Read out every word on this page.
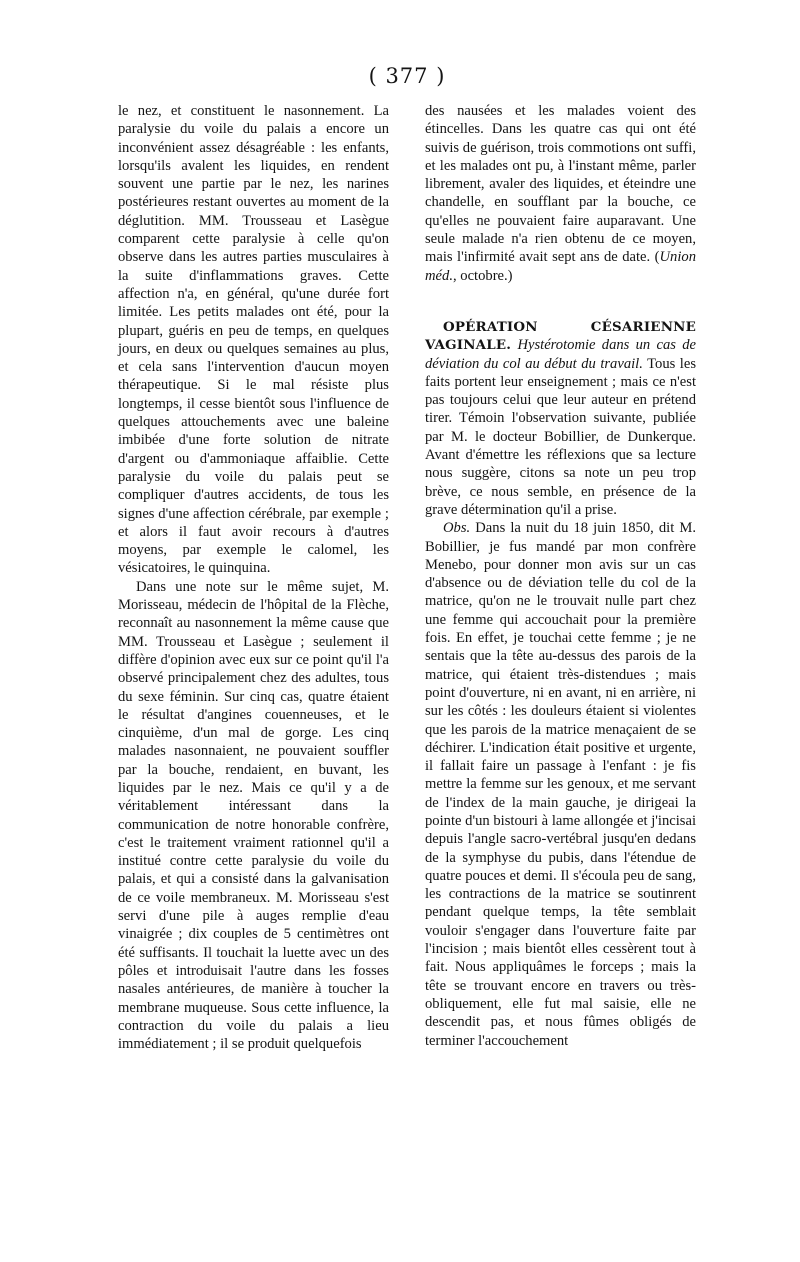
( 377 )

le nez, et constituent le nasonnement. La paralysie du voile du palais a encore un inconvénient assez désagréable : les enfants, lorsqu'ils avalent les liquides, en rendent souvent une partie par le nez, les narines postérieures restant ouvertes au moment de la déglutition. MM. Trousseau et Lasègue comparent cette paralysie à celle qu'on observe dans les autres parties musculaires à la suite d'inflammations graves. Cette affection n'a, en général, qu'une durée fort limitée. Les petits malades ont été, pour la plupart, guéris en peu de temps, en quelques jours, en deux ou quelques semaines au plus, et cela sans l'intervention d'aucun moyen thérapeutique. Si le mal résiste plus longtemps, il cesse bientôt sous l'influence de quelques attouchements avec une baleine imbibée d'une forte solution de nitrate d'argent ou d'ammoniaque affaiblie. Cette paralysie du voile du palais peut se compliquer d'autres accidents, de tous les signes d'une affection cérébrale, par exemple ; et alors il faut avoir recours à d'autres moyens, par exemple le calomel, les vésicatoires, le quinquina.

Dans une note sur le même sujet, M. Morisseau, médecin de l'hôpital de la Flèche, reconnaît au nasonnement la même cause que MM. Trousseau et Lasègue ; seulement il diffère d'opinion avec eux sur ce point qu'il l'a observé principalement chez des adultes, tous du sexe féminin. Sur cinq cas, quatre étaient le résultat d'angines couenneuses, et le cinquième, d'un mal de gorge. Les cinq malades nasonnaient, ne pouvaient souffler par la bouche, rendaient, en buvant, les liquides par le nez. Mais ce qu'il y a de véritablement intéressant dans la communication de notre honorable confrère, c'est le traitement vraiment rationnel qu'il a institué contre cette paralysie du voile du palais, et qui a consisté dans la galvanisation de ce voile membraneux. M. Morisseau s'est servi d'une pile à auges remplie d'eau vinaigrée ; dix couples de 5 centimètres ont été suffisants. Il touchait la luette avec un des pôles et introduisait l'autre dans les fosses nasales antérieures, de manière à toucher la membrane muqueuse. Sous cette influence, la contraction du voile du palais a lieu immédiatement ; il se produit quelquefois

des nausées et les malades voient des étincelles. Dans les quatre cas qui ont été suivis de guérison, trois commotions ont suffi, et les malades ont pu, à l'instant même, parler librement, avaler des liquides, et éteindre une chandelle, en soufflant par la bouche, ce qu'elles ne pouvaient faire auparavant. Une seule malade n'a rien obtenu de ce moyen, mais l'infirmité avait sept ans de date. (Union méd., octobre.)

OPÉRATION CÉSARIENNE VAGINALE. Hystérotomie dans un cas de déviation du col au début du travail. Tous les faits portent leur enseignement ; mais ce n'est pas toujours celui que leur auteur en prétend tirer. Témoin l'observation suivante, publiée par M. le docteur Bobillier, de Dunkerque. Avant d'émettre les réflexions que sa lecture nous suggère, citons sa note un peu trop brève, ce nous semble, en présence de la grave détermination qu'il a prise.

Obs. Dans la nuit du 18 juin 1850, dit M. Bobillier, je fus mandé par mon confrère Menebo, pour donner mon avis sur un cas d'absence ou de déviation telle du col de la matrice, qu'on ne le trouvait nulle part chez une femme qui accouchait pour la première fois. En effet, je touchai cette femme ; je ne sentais que la tête au-dessus des parois de la matrice, qui étaient très-distendues ; mais point d'ouverture, ni en avant, ni en arrière, ni sur les côtés : les douleurs étaient si violentes que les parois de la matrice menaçaient de se déchirer. L'indication était positive et urgente, il fallait faire un passage à l'enfant : je fis mettre la femme sur les genoux, et me servant de l'index de la main gauche, je dirigeai la pointe d'un bistouri à lame allongée et j'incisai depuis l'angle sacro-vertébral jusqu'en dedans de la symphyse du pubis, dans l'étendue de quatre pouces et demi. Il s'écoula peu de sang, les contractions de la matrice se soutinrent pendant quelque temps, la tête semblait vouloir s'engager dans l'ouverture faite par l'incision ; mais bientôt elles cessèrent tout à fait. Nous appliquâmes le forceps ; mais la tête se trouvant encore en travers ou très-obliquement, elle fut mal saisie, elle ne descendit pas, et nous fûmes obligés de terminer l'accouchement
